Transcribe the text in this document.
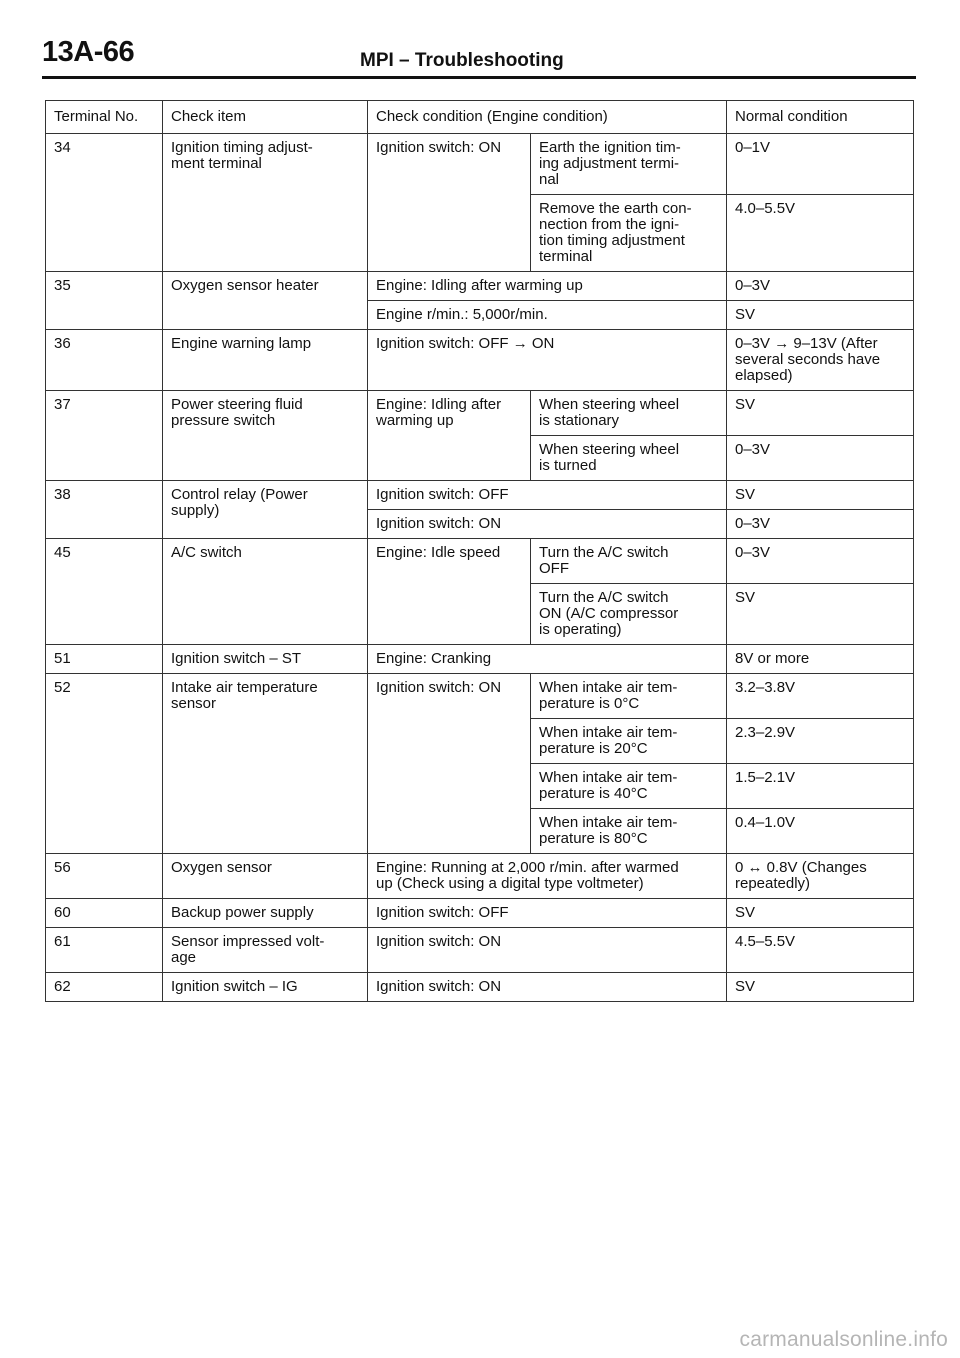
13A-66	MPI – Troubleshooting
Terminal No.	Check item	Check condition (Engine condition)		Normal condition
34	Ignition timing adjust-
ment terminal	Ignition switch: ON	Earth the ignition tim-
ing adjustment termi-
nal	0–1V
			Remove the earth con-
nection from the igni-
tion timing adjustment
terminal	4.0–5.5V
35	Oxygen sensor heater	Engine: Idling after warming up		0–3V
		Engine r/min.: 5,000r/min.		SV
36	Engine warning lamp	Ignition switch: OFF → ON		0–3V → 9–13V (After
several seconds have
elapsed)
37	Power steering fluid
pressure switch	Engine: Idling after
warming up	When steering wheel
is stationary	SV
			When steering wheel
is turned	0–3V
38	Control relay (Power
supply)	Ignition switch: OFF		SV
		Ignition switch: ON		0–3V
45	A/C switch	Engine: Idle speed	Turn the A/C switch
OFF	0–3V
			Turn the A/C switch
ON (A/C compressor
is operating)	SV
51	Ignition switch – ST	Engine: Cranking		8V or more
52	Intake air temperature
sensor	Ignition switch: ON	When intake air tem-
perature is 0°C	3.2–3.8V
			When intake air tem-
perature is 20°C	2.3–2.9V
			When intake air tem-
perature is 40°C	1.5–2.1V
			When intake air tem-
perature is 80°C	0.4–1.0V
56	Oxygen sensor	Engine: Running at 2,000 r/min. after warmed
up (Check using a digital type voltmeter)		0 ↔ 0.8V (Changes
repeatedly)
60	Backup power supply	Ignition switch: OFF		SV
61	Sensor impressed volt-
age	Ignition switch: ON		4.5–5.5V
62	Ignition switch – IG	Ignition switch: ON		SV
carmanualsonline.info
